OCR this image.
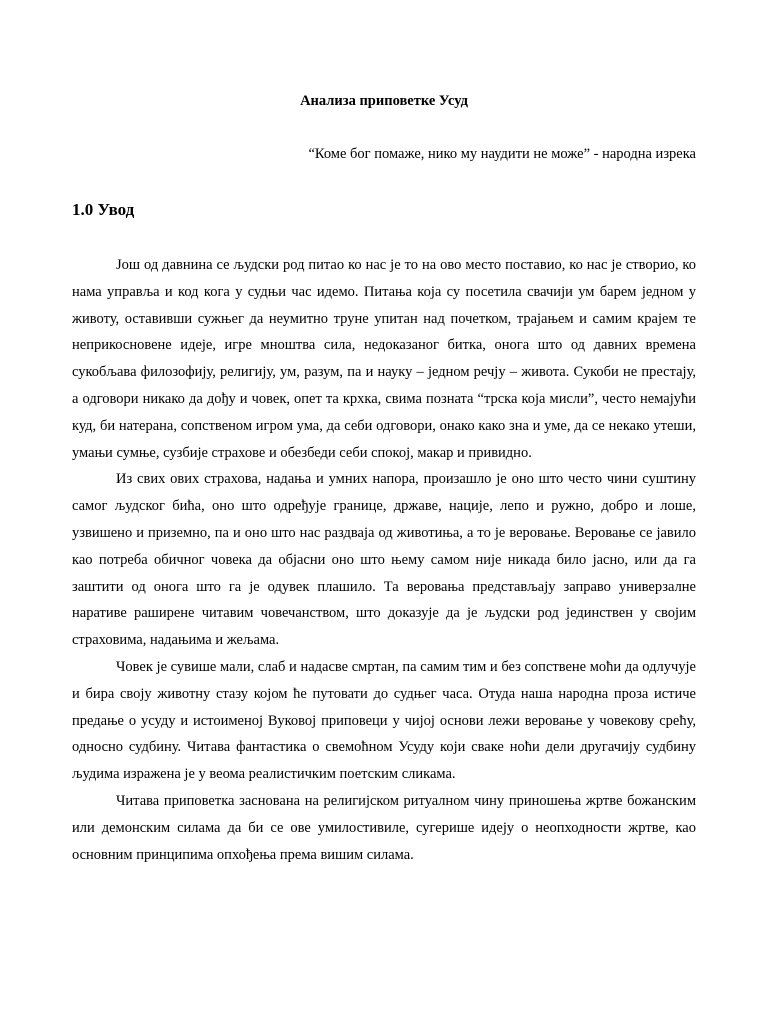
Анализа приповетке Усуд
“Коме бог помаже, нико му наудити не може” - народна изрека
1.0 Увод

Још од давнина се људски род питао ко нас је то на ово место поставио, ко нас је створио, ко нама управља и код кога у судњи час идемо. Питања која су посетила свачији ум барем једном у животу, оставивши сужњег да неумитно труне упитан над почетком, трајањем и самим крајем те неприкосновене идеје, игре мноштва сила, недоказаног битка, онога што од давних времена сукобљава филозофију, религију, ум, разум, па и науку – једном речју – живота. Сукоби не престају, а одговори никако да дођу и човек, опет та крхка, свима позната “трска која мисли”, често немајући куд, би натерана, сопственом игром ума, да себи одговори, онако како зна и уме, да се некако утеши, умањи сумње, сузбије страхове и обезбеди себи спокој, макар и привидно.

Из свих ових страхова, надања и умних напора, произашло је оно што често чини суштину самог људског бића, оно што одређује границе, државе, нације, лепо и ружно, добро и лоше, узвишено и приземно, па и оно што нас раздваја од животиња, а то је веровање. Веровање се јавило као потреба обичног човека да објасни оно што њему самом није никада било јасно, или да га заштити од онога што га је одувек плашило. Та веровања представљају заправо универзалне наративе раширене читавим човечанством, што доказује да је људски род јединствен у својим страховима, надањима и жељама.

Човек је сувише мали, слаб и надасве смртан, па самим тим и без сопствене моћи да одлучује и бира своју животну стазу којом ће путовати до судњег часа. Отуда наша народна проза истиче предање о усуду и истоименој Вуковој приповеци у чијој основи лежи веровање у човекову срећу, односно судбину. Читава фантастика о свемоћном Усуду који сваке ноћи дели другачију судбину људима изражена је у веома реалистичким поетским сликама.

Читава приповетка заснована на религијском ритуалном чину приношења жртве божанским или демонским силама да би се ове умилостивиле, сугерише идеју о неопходности жртве, као основним принципима опхођења према вишим силама.
